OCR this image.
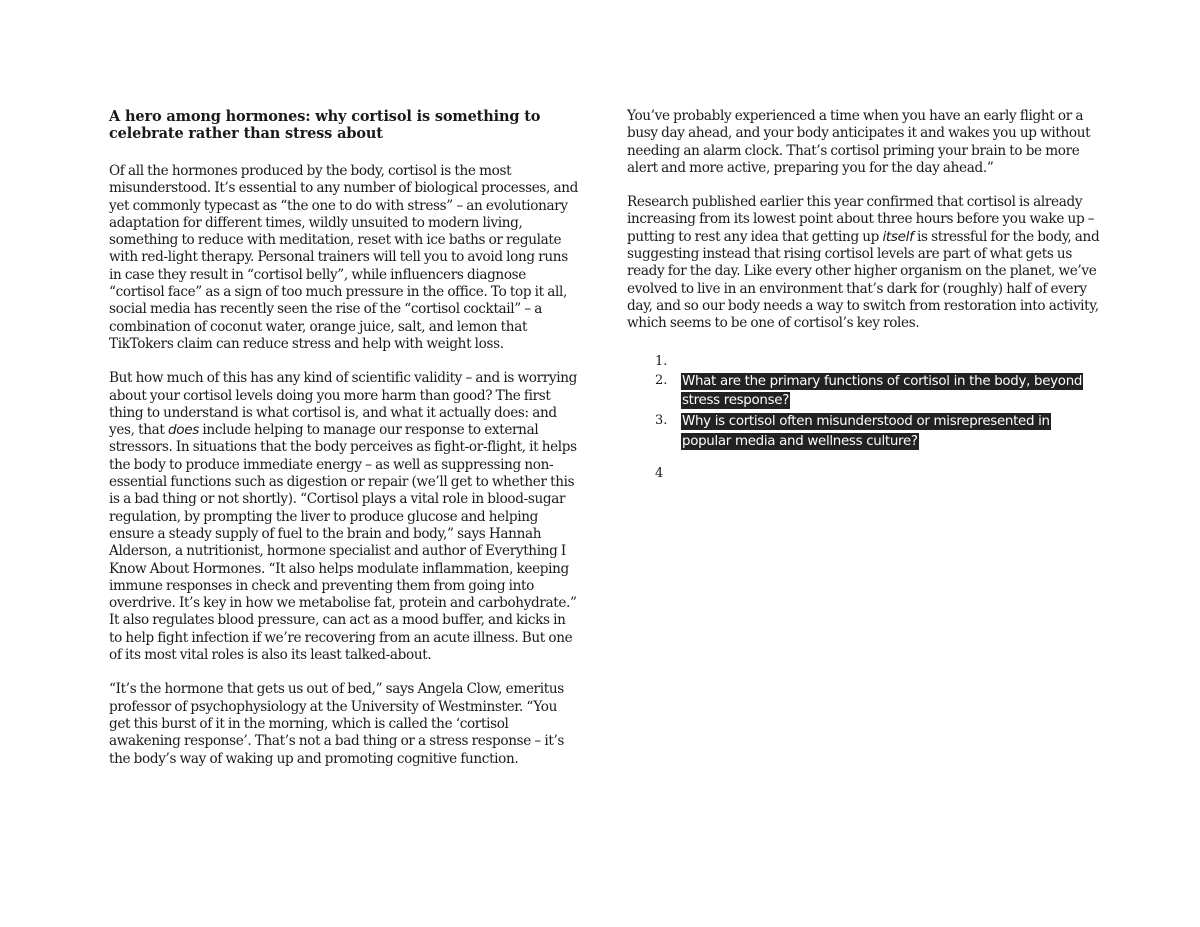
A hero among hormones: why cortisol is something to celebrate rather than stress about

Of all the hormones produced by the body, cortisol is the most misunderstood. It’s essential to any number of biological processes, and yet commonly typecast as “the one to do with stress” – an evolutionary adaptation for different times, wildly unsuited to modern living, something to reduce with meditation, reset with ice baths or regulate with red-light therapy. Personal trainers will tell you to avoid long runs in case they result in “cortisol belly”, while influencers diagnose “cortisol face” as a sign of too much pressure in the office. To top it all, social media has recently seen the rise of the “cortisol cocktail” – a combination of coconut water, orange juice, salt, and lemon that TikTokers claim can reduce stress and help with weight loss.

But how much of this has any kind of scientific validity – and is worrying about your cortisol levels doing you more harm than good? The first thing to understand is what cortisol is, and what it actually does: and yes, that does include helping to manage our response to external stressors. In situations that the body perceives as fight-or-flight, it helps the body to produce immediate energy – as well as suppressing non-essential functions such as digestion or repair (we’ll get to whether this is a bad thing or not shortly). “Cortisol plays a vital role in blood-sugar regulation, by prompting the liver to produce glucose and helping ensure a steady supply of fuel to the brain and body,” says Hannah Alderson, a nutritionist, hormone specialist and author of Everything I Know About Hormones. “It also helps modulate inflammation, keeping immune responses in check and preventing them from going into overdrive. It’s key in how we metabolise fat, protein and carbohydrate.” It also regulates blood pressure, can act as a mood buffer, and kicks in to help fight infection if we’re recovering from an acute illness. But one of its most vital roles is also its least talked-about.

“It’s the hormone that gets us out of bed,” says Angela Clow, emeritus professor of psychophysiology at the University of Westminster. “You get this burst of it in the morning, which is called the ‘cortisol awakening response’. That’s not a bad thing or a stress response – it’s the body’s way of waking up and promoting cognitive function.

You’ve probably experienced a time when you have an early flight or a busy day ahead, and your body anticipates it and wakes you up without needing an alarm clock. That’s cortisol priming your brain to be more alert and more active, preparing you for the day ahead.”

Research published earlier this year confirmed that cortisol is already increasing from its lowest point about three hours before you wake up – putting to rest any idea that getting up itself is stressful for the body, and suggesting instead that rising cortisol levels are part of what gets us ready for the day. Like every other higher organism on the planet, we’ve evolved to live in an environment that’s dark for (roughly) half of every day, and so our body needs a way to switch from restoration into activity, which seems to be one of cortisol’s key roles.

1.
2. What are the primary functions of cortisol in the body, beyond stress response?
3. Why is cortisol often misunderstood or misrepresented in popular media and wellness culture?
4
